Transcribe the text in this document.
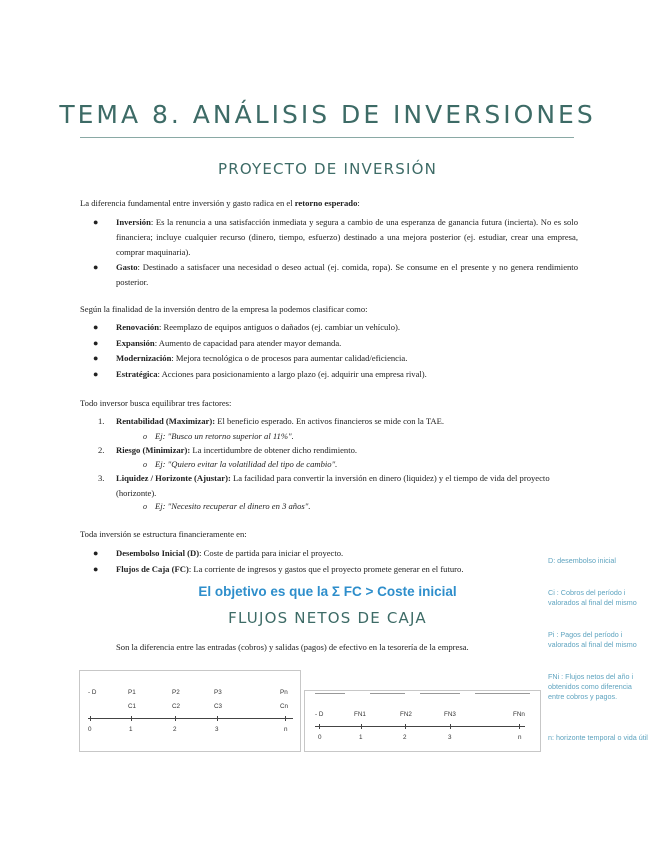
TEMA 8. ANÁLISIS DE INVERSIONES
PROYECTO DE INVERSIÓN
La diferencia fundamental entre inversión y gasto radica en el retorno esperado:
● Inversión: Es la renuncia a una satisfacción inmediata y segura a cambio de una esperanza de ganancia futura (incierta). No es solo financiera; incluye cualquier recurso (dinero, tiempo, esfuerzo) destinado a una mejora posterior (ej. estudiar, crear una empresa, comprar maquinaria).
● Gasto: Destinado a satisfacer una necesidad o deseo actual (ej. comida, ropa). Se consume en el presente y no genera rendimiento posterior.
Según la finalidad de la inversión dentro de la empresa la podemos clasificar como:
● Renovación: Reemplazo de equipos antiguos o dañados (ej. cambiar un vehículo).
● Expansión: Aumento de capacidad para atender mayor demanda.
● Modernización: Mejora tecnológica o de procesos para aumentar calidad/eficiencia.
● Estratégica: Acciones para posicionamiento a largo plazo (ej. adquirir una empresa rival).
Todo inversor busca equilibrar tres factores:
1. Rentabilidad (Maximizar): El beneficio esperado. En activos financieros se mide con la TAE.
o Ej: "Busco un retorno superior al 11%".
2. Riesgo (Minimizar): La incertidumbre de obtener dicho rendimiento.
o Ej: "Quiero evitar la volatilidad del tipo de cambio".
3. Liquidez / Horizonte (Ajustar): La facilidad para convertir la inversión en dinero (liquidez) y el tiempo de vida del proyecto (horizonte).
o Ej: "Necesito recuperar el dinero en 3 años".
Toda inversión se estructura financieramente en:
● Desembolso Inicial (D): Coste de partida para iniciar el proyecto.
● Flujos de Caja (FC): La corriente de ingresos y gastos que el proyecto promete generar en el futuro.
El objetivo es que la Σ FC > Coste inicial
FLUJOS NETOS DE CAJA
Son la diferencia entre las entradas (cobros) y salidas (pagos) de efectivo en la tesorería de la empresa.
D: desembolso inicial
Ci : Cobros del período i valorados al final del mismo
Pi : Pagos del período i valorados al final del mismo
FNi : Flujos netos del año i obtenidos como diferencia entre cobros y pagos.
n: horizonte temporal o vida útil
- D	P1	P2	P3	Pn
C1	C2	C3	Cn
0	1	2	3	n
- D	FN1	FN2	FN3	FNn
0	1	2	3	n
